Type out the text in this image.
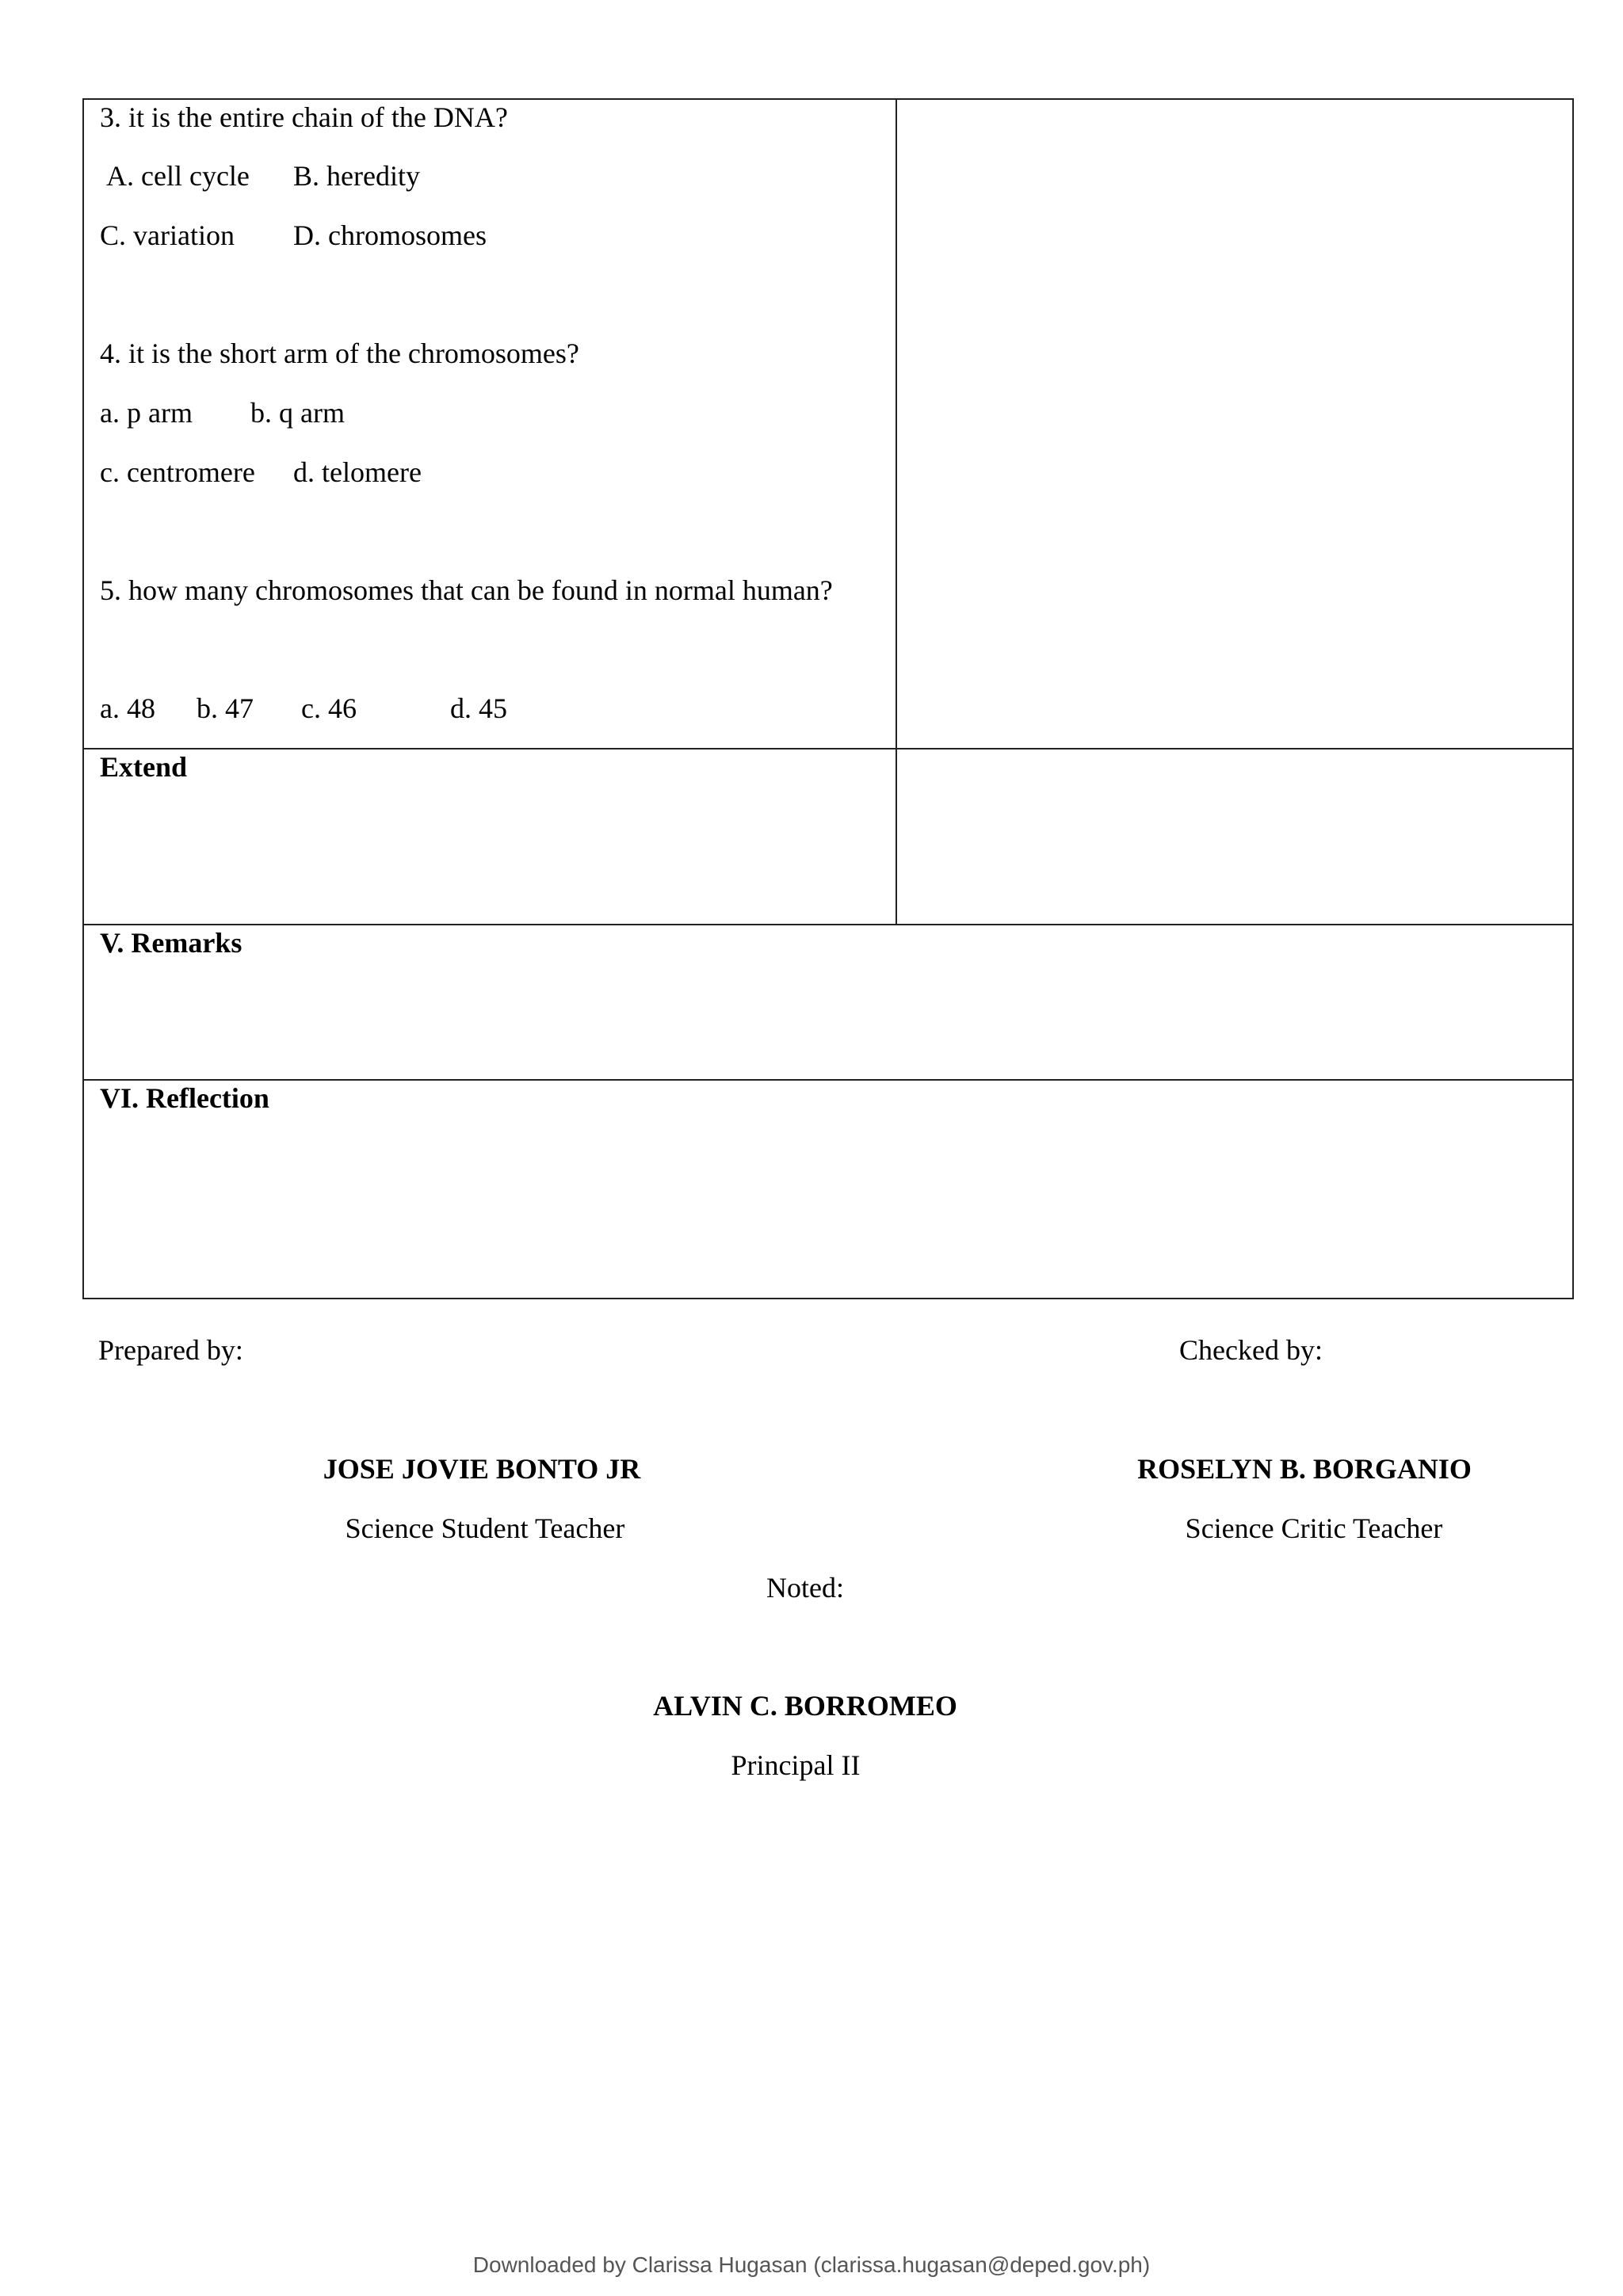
3. it is the entire chain of the DNA?
A. cell cycle B. heredity
C. variation D. chromosomes
4. it is the short arm of the chromosomes?
a. p arm b. q arm
c. centromere d. telomere
5. how many chromosomes that can be found in normal human?
a. 48 b. 47 c. 46	d. 45
Extend
V. Remarks
VI. Reflection
Prepared by:	Checked by:
JOSE JOVIE BONTO JR
Science Student Teacher
ROSELYN B. BORGANIO
Science Critic Teacher
Noted:
ALVIN C. BORROMEO
Principal II
Downloaded by Clarissa Hugasan (clarissa.hugasan@deped.gov.ph)
